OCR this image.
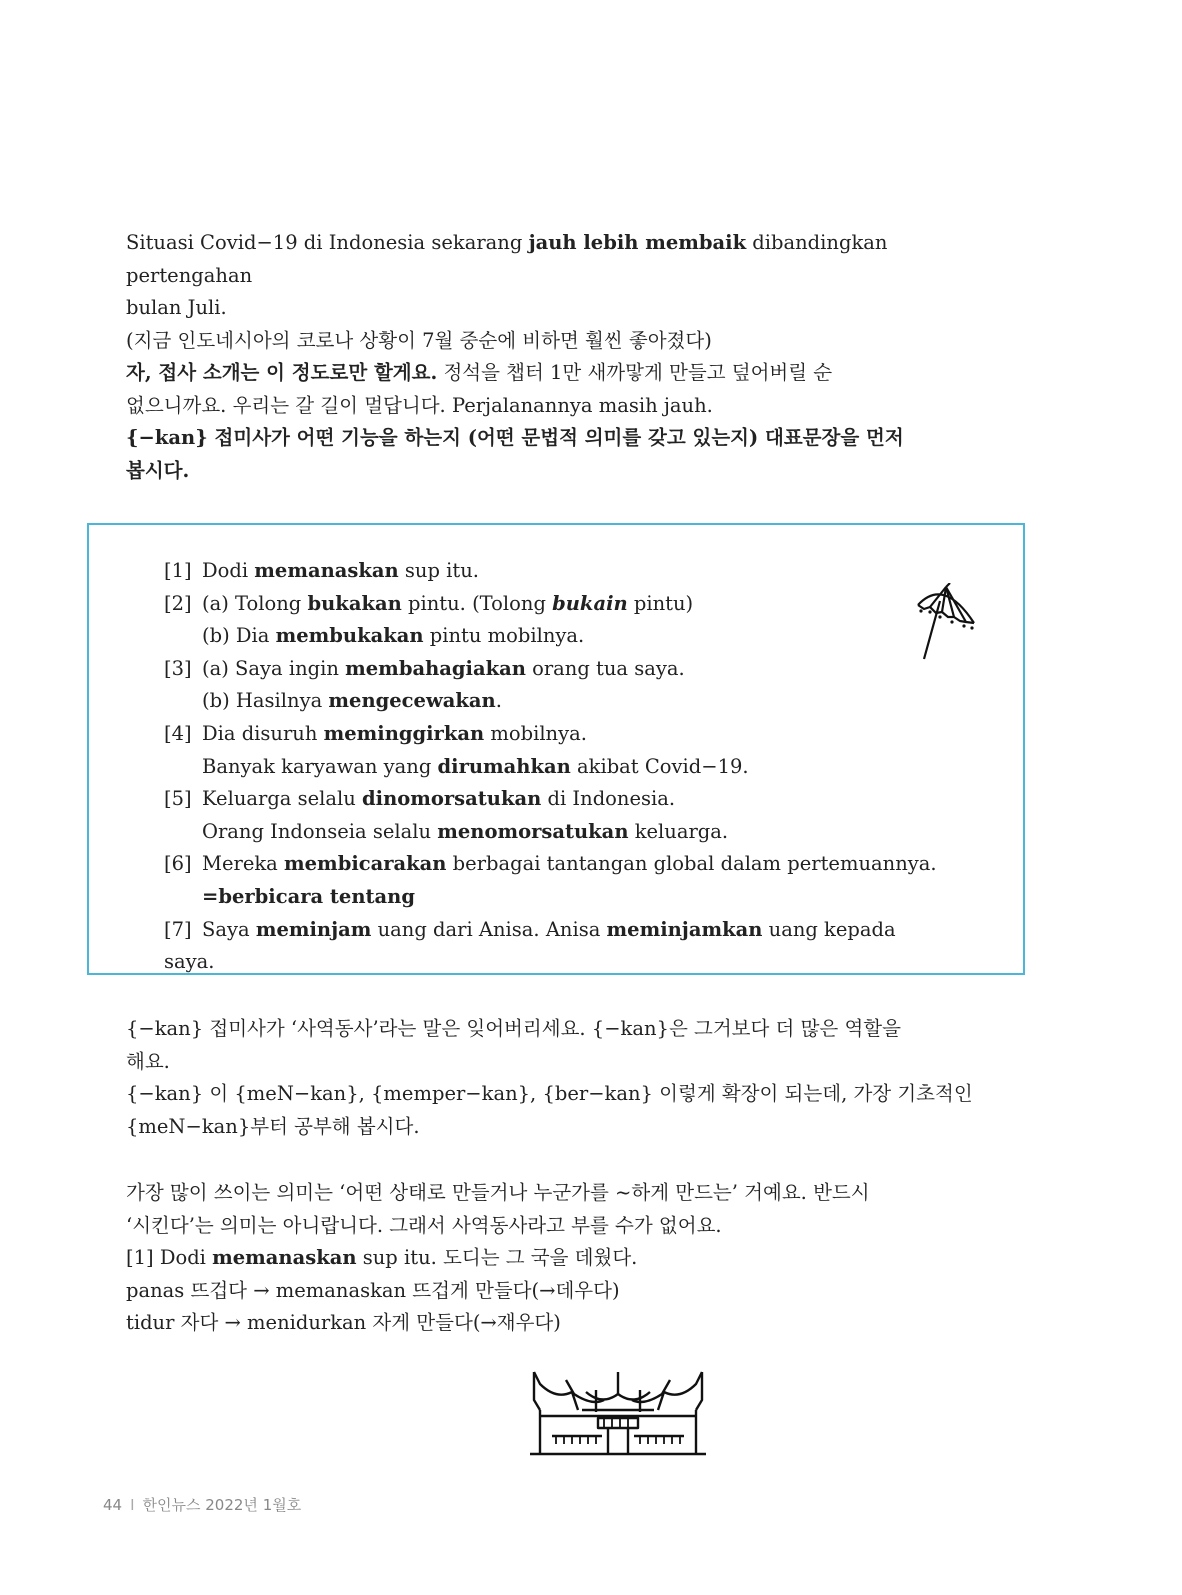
Situasi Covid−19 di Indonesia sekarang jauh lebih membaik dibandingkan pertengahan

bulan Juli.

(지금 인도네시아의 코로나 상황이 7월 중순에 비하면 훨씬 좋아졌다)

자, 접사 소개는 이 정도로만 할게요. 정석을 챕터 1만 새까맣게 만들고 덮어버릴 순

없으니까요. 우리는 갈 길이 멀답니다. Perjalanannya masih jauh.

{−kan} 접미사가 어떤 기능을 하는지 (어떤 문법적 의미를 갖고 있는지) 대표문장을 먼저

봅시다.

[1] Dodi memanaskan sup itu.
[2] (a) Tolong bukakan pintu. (Tolong bukain pintu)
(b) Dia membukakan pintu mobilnya.
[3] (a) Saya ingin membahagiakan orang tua saya.
(b) Hasilnya mengecewakan.
[4] Dia disuruh meminggirkan mobilnya.
Banyak karyawan yang dirumahkan akibat Covid−19.
[5] Keluarga selalu dinomorsatukan di Indonesia.
Orang Indonseia selalu menomorsatukan keluarga.
[6] Mereka membicarakan berbagai tantangan global dalam pertemuannya.
=berbicara tentang
[7] Saya meminjam uang dari Anisa. Anisa meminjamkan uang kepada saya.

{−kan} 접미사가 ‘사역동사’라는 말은 잊어버리세요. {−kan}은 그거보다 더 많은 역할을

해요.

{−kan} 이 {meN−kan}, {memper−kan}, {ber−kan} 이렇게 확장이 되는데, 가장 기초적인

{meN−kan}부터 공부해 봅시다.

가장 많이 쓰이는 의미는 ‘어떤 상태로 만들거나 누군가를 ~하게 만드는’ 거예요. 반드시

‘시킨다’는 의미는 아니랍니다. 그래서 사역동사라고 부를 수가 없어요.

[1] Dodi memanaskan sup itu. 도디는 그 국을 데웠다.

panas 뜨겁다 → memanaskan 뜨겁게 만들다(→데우다)

tidur 자다 → menidurkan 자게 만들다(→재우다)

44 I 한인뉴스 2022년 1월호
